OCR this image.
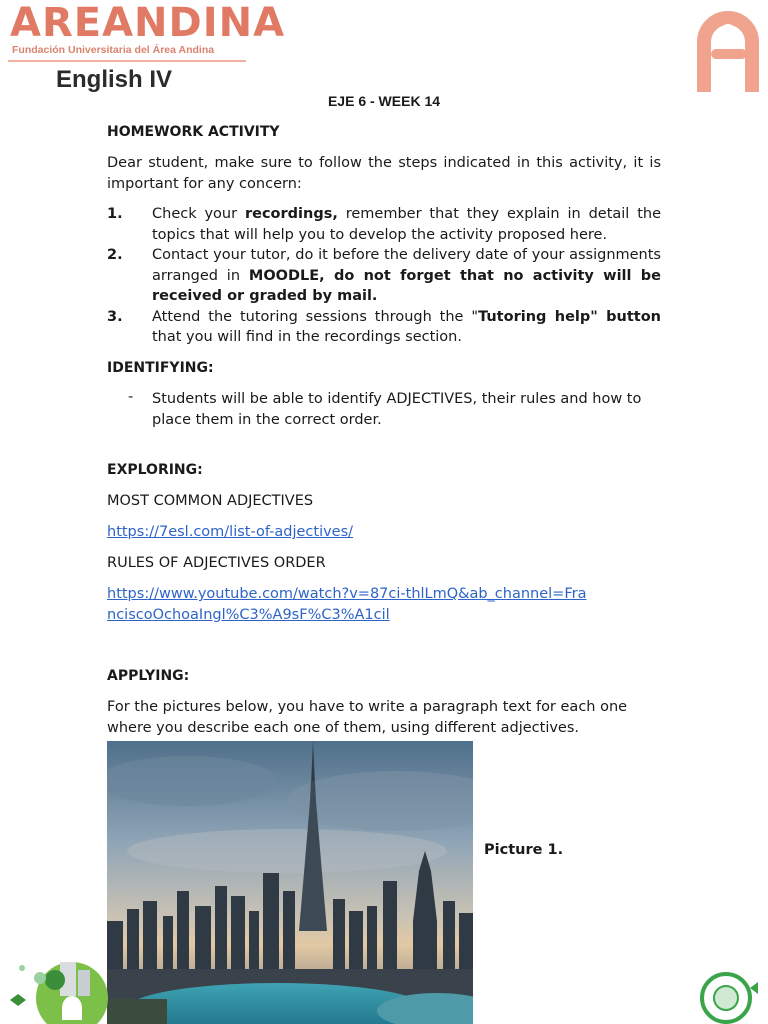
AREANDINA
Fundación Universitaria del Área Andina
English IV
EJE 6 - WEEK 14
HOMEWORK ACTIVITY
Dear student, make sure to follow the steps indicated in this activity, it is important for any concern:
1.	Check your recordings, remember that they explain in detail the topics that will help you to develop the activity proposed here.
2.	Contact your tutor, do it before the delivery date of your assignments arranged in MOODLE, do not forget that no activity will be received or graded by mail.
3.	Attend the tutoring sessions through the "Tutoring help" button that you will find in the recordings section.
IDENTIFYING:
- Students will be able to identify ADJECTIVES, their rules and how to place them in the correct order.
EXPLORING:
MOST COMMON ADJECTIVES
https://7esl.com/list-of-adjectives/
RULES OF ADJECTIVES ORDER
https://www.youtube.com/watch?v=87ci-thlLmQ&ab_channel=FranciscoOchoaIngl%C3%A9sF%C3%A1cil
APPLYING:
For the pictures below, you have to write a paragraph text for each one where you describe each one of them, using different adjectives.
Picture 1.
